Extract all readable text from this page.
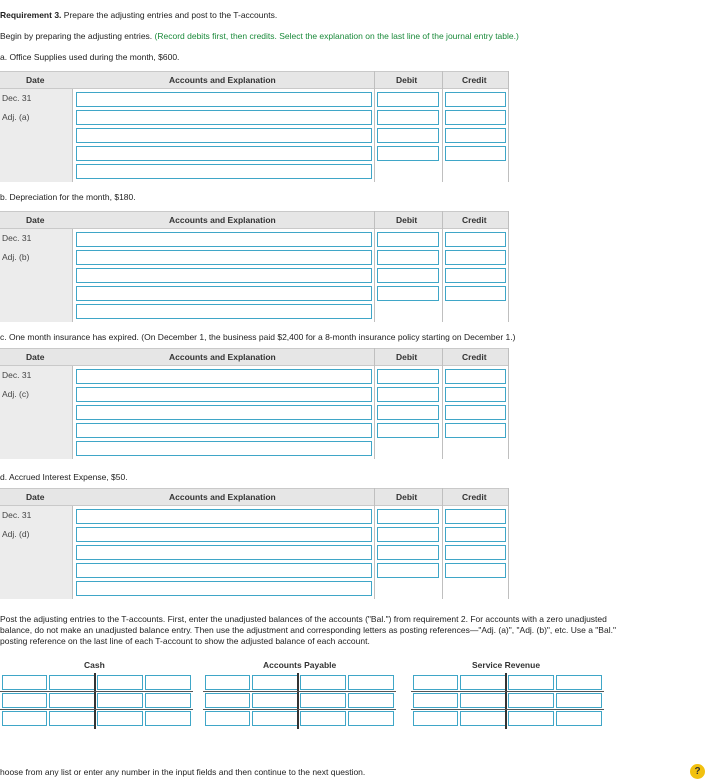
Requirement 3. Prepare the adjusting entries and post to the T-accounts.
Begin by preparing the adjusting entries. (Record debits first, then credits. Select the explanation on the last line of the journal entry table.)
a. Office Supplies used during the month, $600.
Date	Accounts and Explanation	Debit	Credit
Dec. 31
Adj. (a)
b. Depreciation for the month, $180.
Date	Accounts and Explanation	Debit	Credit
Dec. 31
Adj. (b)
c. One month insurance has expired. (On December 1, the business paid $2,400 for a 8-month insurance policy starting on December 1.)
Date	Accounts and Explanation	Debit	Credit
Dec. 31
Adj. (c)
d. Accrued Interest Expense, $50.
Date	Accounts and Explanation	Debit	Credit
Dec. 31
Adj. (d)
Post the adjusting entries to the T-accounts. First, enter the unadjusted balances of the accounts ("Bal.") from requirement 2. For accounts with a zero unadjusted
balance, do not make an unadjusted balance entry. Then use the adjustment and corresponding letters as posting references—"Adj. (a)", "Adj. (b)", etc. Use a "Bal."
posting reference on the last line of each T-account to show the adjusted balance of each account.
Cash	Accounts Payable	Service Revenue
hoose from any list or enter any number in the input fields and then continue to the next question.	?
